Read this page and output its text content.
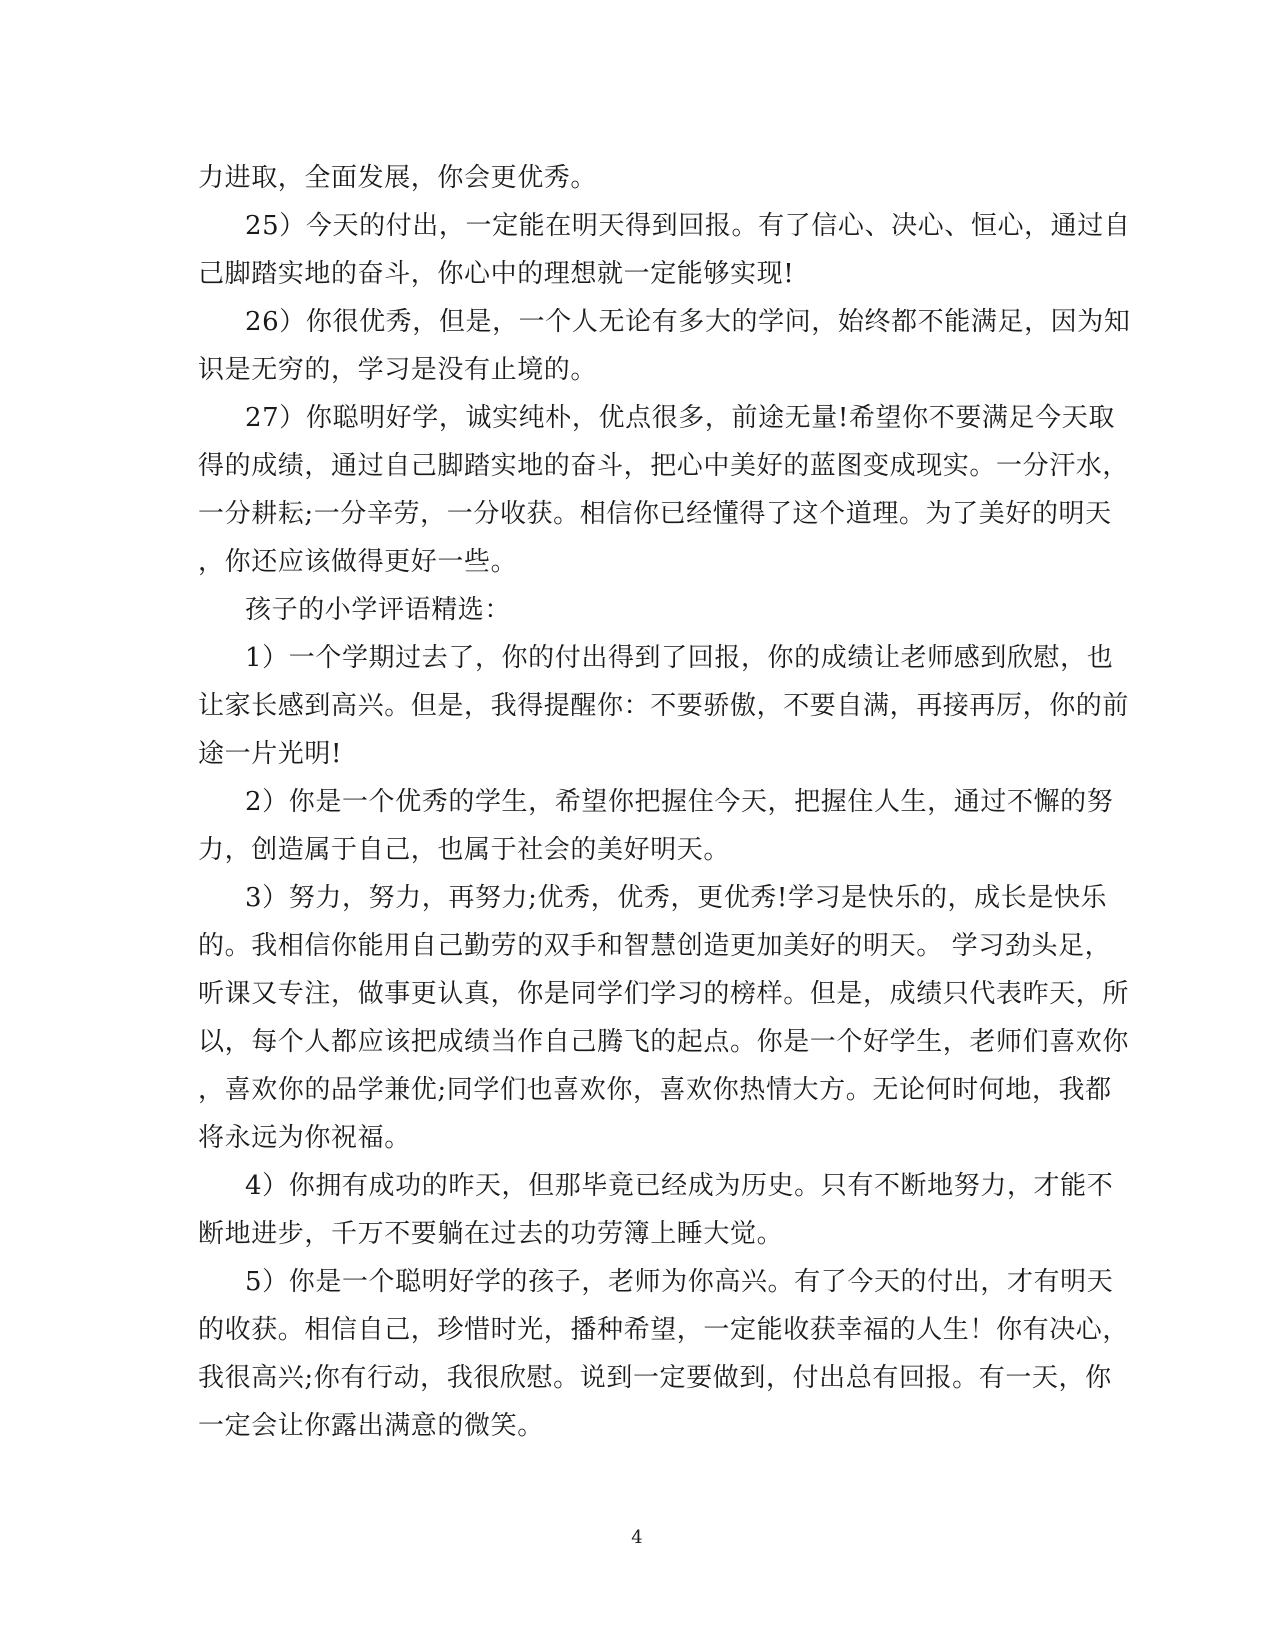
力进取，全面发展，你会更优秀。
25）今天的付出，一定能在明天得到回报。有了信心、决心、恒心，通过自
己脚踏实地的奋斗，你心中的理想就一定能够实现!
26）你很优秀，但是，一个人无论有多大的学问，始终都不能满足，因为知
识是无穷的，学习是没有止境的。
27）你聪明好学，诚实纯朴，优点很多，前途无量!希望你不要满足今天取
得的成绩，通过自己脚踏实地的奋斗，把心中美好的蓝图变成现实。一分汗水，
一分耕耘;一分辛劳，一分收获。相信你已经懂得了这个道理。为了美好的明天
，你还应该做得更好一些。
孩子的小学评语精选：
1）一个学期过去了，你的付出得到了回报，你的成绩让老师感到欣慰，也
让家长感到高兴。但是，我得提醒你：不要骄傲，不要自满，再接再厉，你的前
途一片光明!
2）你是一个优秀的学生，希望你把握住今天，把握住人生，通过不懈的努
力，创造属于自己，也属于社会的美好明天。
3）努力，努力，再努力;优秀，优秀，更优秀!学习是快乐的，成长是快乐
的。我相信你能用自己勤劳的双手和智慧创造更加美好的明天。 学习劲头足，
听课又专注，做事更认真，你是同学们学习的榜样。但是，成绩只代表昨天，所
以，每个人都应该把成绩当作自己腾飞的起点。你是一个好学生，老师们喜欢你
，喜欢你的品学兼优;同学们也喜欢你，喜欢你热情大方。无论何时何地，我都
将永远为你祝福。
4）你拥有成功的昨天，但那毕竟已经成为历史。只有不断地努力，才能不
断地进步，千万不要躺在过去的功劳簿上睡大觉。
5）你是一个聪明好学的孩子，老师为你高兴。有了今天的付出，才有明天
的收获。相信自己，珍惜时光，播种希望，一定能收获幸福的人生！你有决心，
我很高兴;你有行动，我很欣慰。说到一定要做到，付出总有回报。有一天，你
一定会让你露出满意的微笑。
4
